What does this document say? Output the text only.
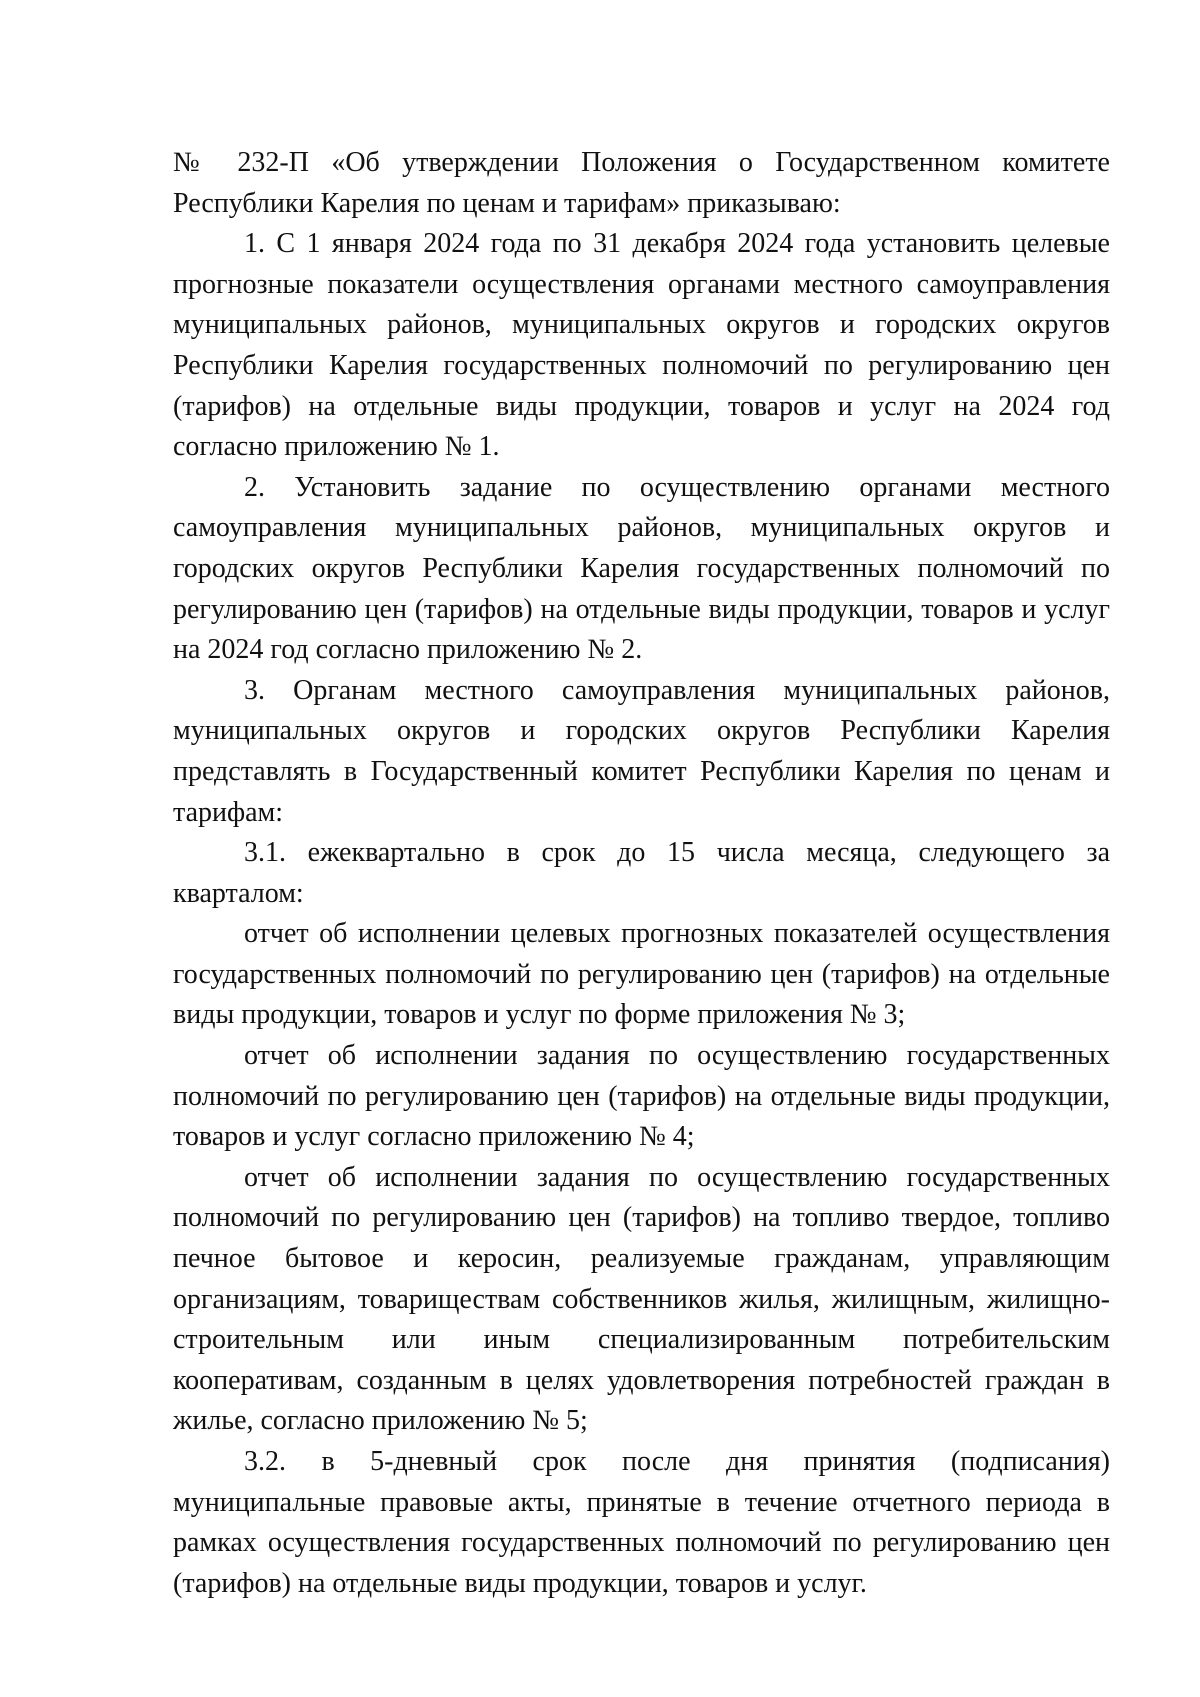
№ 232-П «Об утверждении Положения о Государственном комитете Республики Карелия по ценам и тарифам» приказываю:

1. С 1 января 2024 года по 31 декабря 2024 года установить целевые прогнозные показатели осуществления органами местного самоуправления муниципальных районов, муниципальных округов и городских округов Республики Карелия государственных полномочий по регулированию цен (тарифов) на отдельные виды продукции, товаров и услуг на 2024 год согласно приложению № 1.

2. Установить задание по осуществлению органами местного самоуправления муниципальных районов, муниципальных округов и городских округов Республики Карелия государственных полномочий по регулированию цен (тарифов) на отдельные виды продукции, товаров и услуг на 2024 год согласно приложению № 2.

3. Органам местного самоуправления муниципальных районов, муниципальных округов и городских округов Республики Карелия представлять в Государственный комитет Республики Карелия по ценам и тарифам:

3.1. ежеквартально в срок до 15 числа месяца, следующего за кварталом:

отчет об исполнении целевых прогнозных показателей осуществления государственных полномочий по регулированию цен (тарифов) на отдельные виды продукции, товаров и услуг по форме приложения № 3;

отчет об исполнении задания по осуществлению государственных полномочий по регулированию цен (тарифов) на отдельные виды продукции, товаров и услуг согласно приложению № 4;

отчет об исполнении задания по осуществлению государственных полномочий по регулированию цен (тарифов) на топливо твердое, топливо печное бытовое и керосин, реализуемые гражданам, управляющим организациям, товариществам собственников жилья, жилищным, жилищно-строительным или иным специализированным потребительским кооперативам, созданным в целях удовлетворения потребностей граждан в жилье, согласно приложению № 5;

3.2. в 5-дневный срок после дня принятия (подписания) муниципальные правовые акты, принятые в течение отчетного периода в рамках осуществления государственных полномочий по регулированию цен (тарифов) на отдельные виды продукции, товаров и услуг.
